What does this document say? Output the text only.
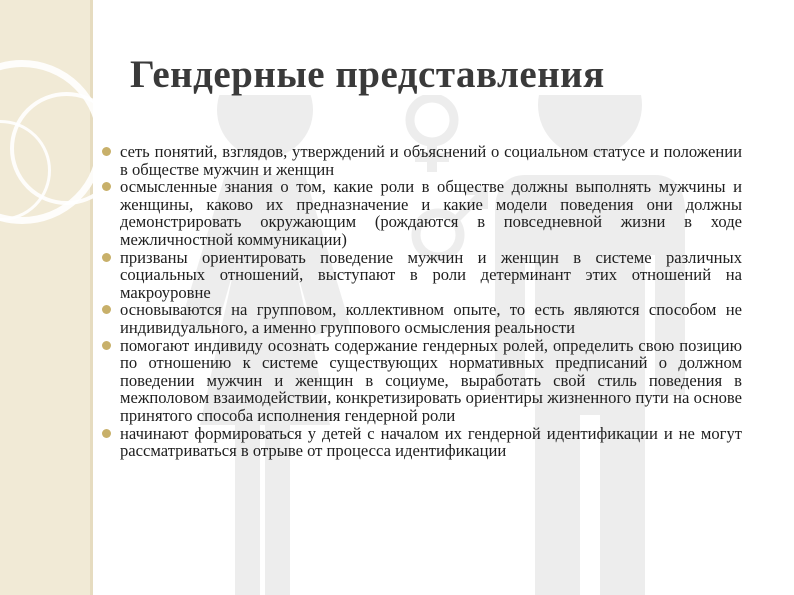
Гендерные представления
сеть понятий, взглядов, утверждений и объяснений о социальном статусе и положении в обществе мужчин и женщин
осмысленные знания о том, какие роли в обществе должны выполнять мужчины и женщины, каково их предназначение и какие модели поведения они должны демонстрировать окружающим (рождаются в повседневной жизни в ходе межличностной коммуникации)
призваны ориентировать поведение мужчин и женщин в системе различных социальных отношений, выступают в роли детерминант этих отношений на макроуровне
основываются на групповом, коллективном опыте, то есть являются способом не индивидуального, а именно группового осмысления реальности
помогают индивиду осознать содержание гендерных ролей, определить свою позицию по отношению к системе существующих нормативных предписаний о должном поведении мужчин и женщин в социуме, выработать свой стиль поведения в межполовом взаимодействии, конкретизировать ориентиры жизненного пути на основе принятого способа исполнения гендерной роли
начинают формироваться у детей с началом их гендерной идентификации и не могут рассматриваться в отрыве от процесса идентификации
